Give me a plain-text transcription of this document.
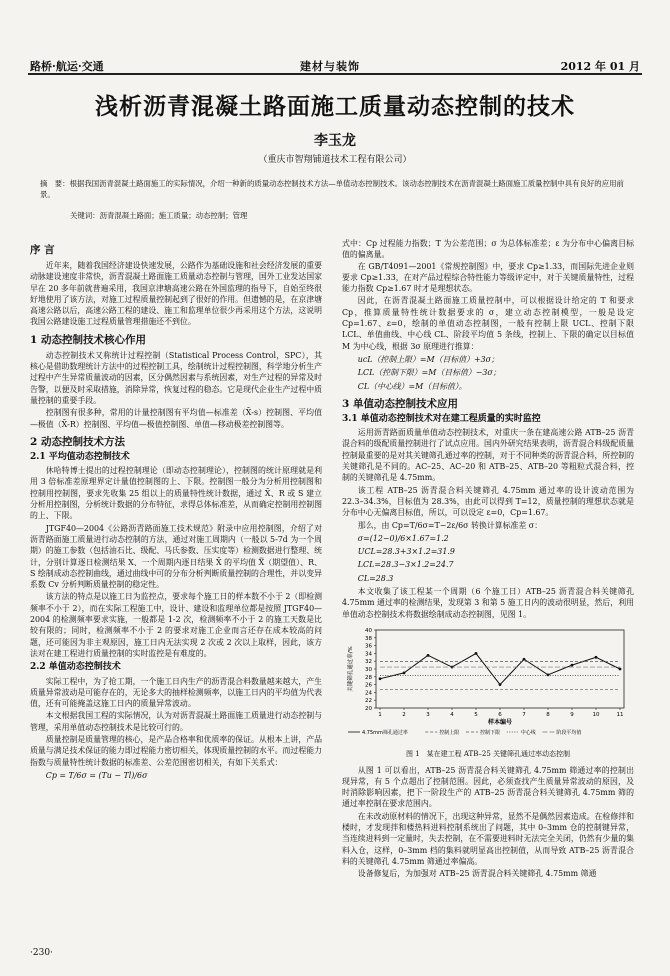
路桥·航运·交通	建材与装饰	2012 年 01 月
浅析沥青混凝土路面施工质量动态控制的技术
李玉龙
（重庆市智翔铺道技术工程有限公司）
摘　要：根据我国沥青混凝土路面施工的实际情况，介绍一种新的质量动态控制技术方法—单值动态控制技术。该动态控制技术在沥青混凝土路面施工质量控制中具有良好的应用前景。
关键词：沥青混凝土路面；施工质量；动态控制；管理
序 言
近年来，随着我国经济建设快速发展，公路作为基础设施和社会经济发展的重要动脉建设速度非常快，沥青混凝土路面施工质量动态控制与管理，国外工业发达国家早在 20 多年前就普遍采用，我国京津塘高速公路在外国监理的指导下，自始至终很好地使用了该方法，对施工过程质量控制起到了很好的作用。但遗憾的是，在京津塘高速公路以后，高速公路工程的建设、施工和监理单位很少再采用这个方法，这说明我国公路建设施工过程质量管理措施还不到位。
1 动态控制技术核心作用
动态控制技术又称统计过程控制（Statistical Process Control，SPC），其核心是借助数理统计方法中的过程控制工具，绘制统计过程控制图，科学地分析生产过程中产生异常质量波动的因素，区分偶然因素与系统因素，对生产过程的异常及时告警，以便及时采取措施，消除异常，恢复过程的稳态。它是现代企业生产过程中质量控制的重要手段。
控制图有很多种，常用的计量控制图有平均值—标准差（X̄-s）控制图、平均值—极值（X̄-R）控制图、平均值—极值控制图、单值—移动极差控制图等。
2 动态控制技术方法
2.1 平均值动态控制技术
休哈特博士提出的过程控制理论（即动态控制理论），控制图的统计原理就是利用 3 倍标准差原理界定计量值控制图的上、下限。控制图一般分为分析用控制图和控制用控制图，要求先收集 25 组以上的质量特性统计数据，通过 X̄、R 或 S 建立分析用控制图，分析统计数据的分布特征，求得总体标准差，从而确定控制用控制图的上、下限。
JTGF40—2004《公路沥青路面施工技术规范》附录中应用控制图，介绍了对沥青路面施工质量进行动态控制的方法，通过对施工周期内（一般以 5-7d 为一个周期）的施工参数（包括油石比、级配、马氏参数、压实度等）检测数据进行整理、统计，分别计算逐日检测结果 X、一个周期内逐日结果 X̄ 的平均值 X̿（期望值）、R、S 绘制成动态控制曲线，通过曲线中可的分布分析判断质量控制的合理性，并以变异系数 Cv 分析判断质量控制的稳定性。
该方法的特点是以施工日为监控点，要求每个施工日的样本数不小于 2（即检测频率不小于 2），而在实际工程施工中，设计、建设和监理单位都是按照 JTGF40—2004 的检测频率要求实施，一般都是 1-2 次，检测频率不小于 2 的施工天数是比较有限的；同时，检测频率不小于 2 的要求对施工企业而言还存在成本较高的问题，还可能因为非主观原因，施工日内无法实现 2 次或 2 次以上取样，因此，该方法对在建工程进行质量控制的实时监控是有难度的。
2.2 单值动态控制技术
实际工程中，为了抢工期，一个施工日内生产的沥青混合料数量越来越大，产生质量异常波动是可能存在的，无论多大的抽样检测频率，以施工日内的平均值为代表值，还有可能掩盖这施工日内的质量异常波动。
本文根据我国工程的实际情况，认为对沥青混凝土路面施工质量进行动态控制与管理，采用单值动态控制技术是比较可行的。
质量控制是质量管理的核心，是产品合格率和优质率的保证。从根本上讲，产品质量与满足技术保证的能力即过程能力密切相关，体现质量控制的水平。而过程能力指数与质量特性统计数据的标准差、公差范围密切相关，有如下关系式：
Cp = T/6σ = (Tu − Tl)/6σ
式中：Cp 过程能力指数；T 为公差范围；σ 为总体标准差；ε 为分布中心偏离目标值的偏离量。
在 GB/T4091—2001《常规控制图》中，要求 Cp≥1.33，而国际先进企业则要求 Cp≥1.33，在对产品过程综合特性能力等级评定中，对于关键质量特性，过程能力指数 Cp≥1.67 时才是理想状态。
因此，在沥青混凝土路面施工质量控制中，可以根据设计给定的 T 和要求 Cp，推算质量特性统计数据要求的 σ，建立动态控制模型，一般是设定 Cp=1.67、ε=0，绘制的单值动态控制图，一般有控制上限 UCL、控制下限 LCL、单值曲线、中心线 CL、阶段平均值 5 条线，控制上、下限的确定以目标值 M 为中心线，根据 3σ 原理进行推算：
ucL（控制上限）=M（目标值）+3σ；
LCL（控制下限）=M（目标值）−3σ；
CL（中心线）=M（目标值）。
3 单值动态控制技术应用
3.1 单值动态控制技术对在建工程质量的实时监控
运用沥青路面质量单值动态控制技术，对重庆一条在建高速公路 ATB–25 沥青混合料的级配质量控制进行了试点应用。国内外研究结果表明，沥青混合料级配质量控制最重要的是对其关键筛孔通过率的控制，对于不同种类的沥青混合料，所控制的关键筛孔是不同的。AC–25、AC–20 和 ATB–25、ATB–20 等粗粒式混合料，控制的关键筛孔是 4.75mm。
该工程 ATB–25 沥青混合料关键筛孔 4.75mm 通过率的设计波动范围为 22.3–34.3%，目标值为 28.3%，由此可以得到 T=12，质量控制的理想状态就是分布中心无偏离目标值，所以，可以设定 ε=0，Cp=1.67。
那么，由 Cp=T/6σ=T−2ε/6σ 转换计算标准差 σ：
σ=(12−0)/6×1.67=1.2
UCL=28.3+3×1.2=31.9
LCL=28.3−3×1.2=24.7
CL=28.3
本文收集了该工程某一个周期（6 个施工日）ATB–25 沥青混合料关键筛孔 4.75mm 通过率的检测结果，发现第 3 和第 5 施工日内的波动很明显，然后，利用单值动态控制技术将数据绘制成动态控制图，见图 1。
20
22
24
26
28
30
32
34
36
38
40
1	2	3	4	5	6	7	8	9	10	11
关键筛孔通过率/%
样本编号
4.75mm筛孔通过率	控制上限	控制下限	中心线	阶段平均值
图 1　某在建工程 ATB–25 关键筛孔通过率动态控制
从图 1 可以看出，ATB–25 沥青混合料关键筛孔 4.75mm 筛通过率的控制出现异常，有 5 个点超出了控制范围。因此，必须查找产生质量异常波动的原因，及时消除影响因素，把下一阶段生产的 ATB–25 沥青混合料关键筛孔 4.75mm 筛的通过率控制在要求范围内。
在未改动原材料的情况下，出现这种异常，显然不是偶然因素造成。在检修拌和楼时，才发现拌和楼热料进料控制系统出了问题，其中 0–3mm 仓的控制键异常，当连续进料到一定量时，失去控制，在不需要进料时无法完全关闭，仍然有少量的集料入仓，这样，0–3mm 档的集料就明显高出控制值，从而导致 ATB–25 沥青混合料的关键筛孔 4.75mm 筛通过率偏高。
设备修复后，为加强对 ATB–25 沥青混合料关键筛孔 4.75mm 筛通
·230·
